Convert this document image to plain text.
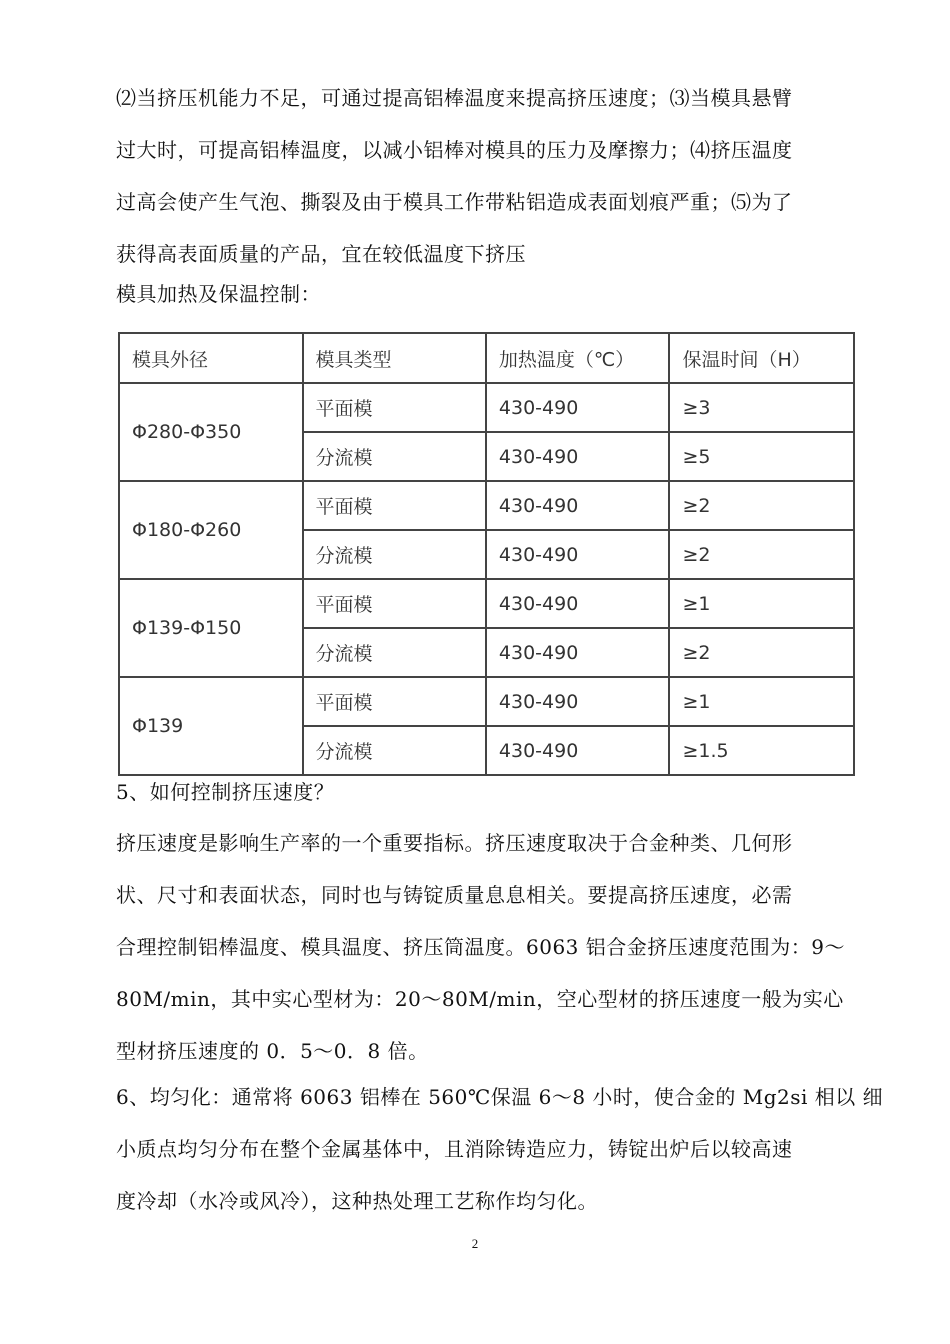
⑵当挤压机能力不足，可通过提高铝棒温度来提高挤压速度；⑶当模具悬臂
过大时，可提高铝棒温度，以减小铝棒对模具的压力及摩擦力；⑷挤压温度
过高会使产生气泡、撕裂及由于模具工作带粘铝造成表面划痕严重；⑸为了
获得高表面质量的产品，宜在较低温度下挤压

模具加热及保温控制：

模具外径	模具类型	加热温度（℃）	保温时间（H）
Φ280-Φ350	平面模	430-490	≥3
	分流模	430-490	≥5
Φ180-Φ260	平面模	430-490	≥2
	分流模	430-490	≥2
Φ139-Φ150	平面模	430-490	≥1
	分流模	430-490	≥2
Φ139	平面模	430-490	≥1
	分流模	430-490	≥1.5

5、如何控制挤压速度？

挤压速度是影响生产率的一个重要指标。挤压速度取决于合金种类、几何形
状、尺寸和表面状态，同时也与铸锭质量息息相关。要提高挤压速度，必需
合理控制铝棒温度、模具温度、挤压筒温度。6063 铝合金挤压速度范围为：9～
80M/min，其中实心型材为：20～80M/min，空心型材的挤压速度一般为实心
型材挤压速度的 0．5～0．8 倍。

6、均匀化：通常将 6063 铝棒在 560℃保温 6～8 小时，使合金的 Mg2si 相以 细
小质点均匀分布在整个金属基体中，且消除铸造应力，铸锭出炉后以较高速
度冷却（水冷或风冷），这种热处理工艺称作均匀化。

2
